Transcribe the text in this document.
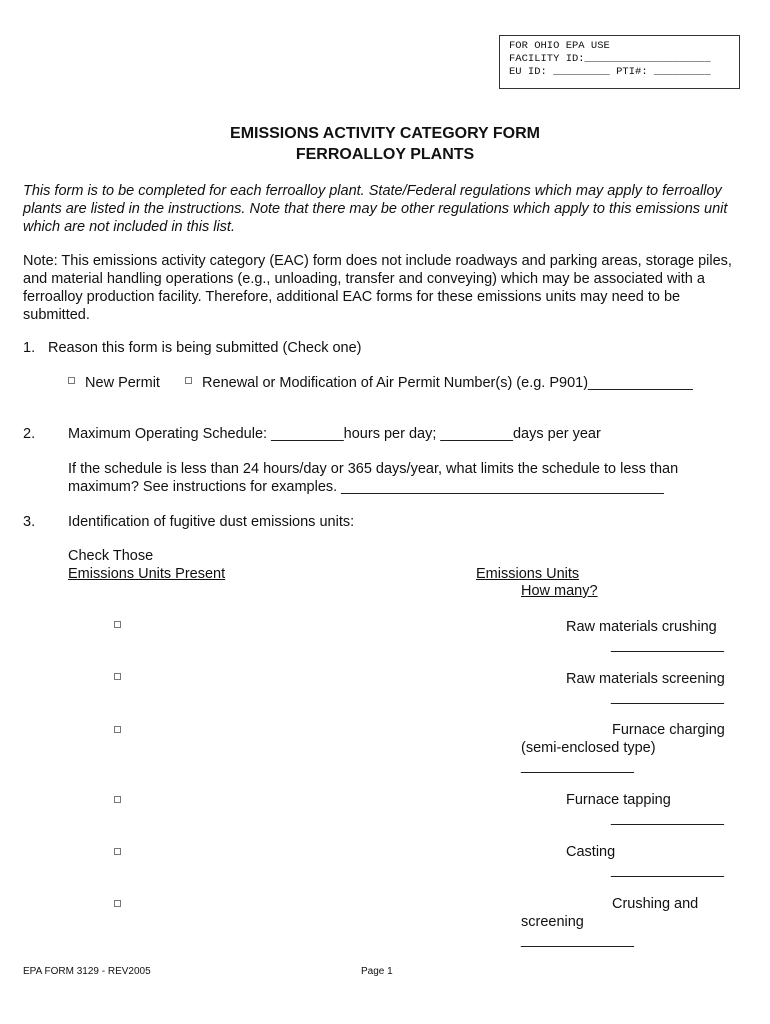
FOR OHIO EPA USE
FACILITY ID:____________________
EU ID: _________ PTI#: _________
EMISSIONS ACTIVITY CATEGORY FORM
FERROALLOY PLANTS
This form is to be completed for each ferroalloy plant. State/Federal regulations which may apply to ferroalloy plants are listed in the instructions. Note that there may be other regulations which apply to this emissions unit which are not included in this list.
Note: This emissions activity category (EAC) form does not include roadways and parking areas, storage piles, and material handling operations (e.g., unloading, transfer and conveying) which may be associated with a ferroalloy production facility. Therefore, additional EAC forms for these emissions units may need to be submitted.
1. Reason this form is being submitted (Check one)
New Permit	Renewal or Modification of Air Permit Number(s) (e.g. P901)_____________
2. Maximum Operating Schedule: _________hours per day; _________days per year
If the schedule is less than 24 hours/day or 365 days/year, what limits the schedule to less than
maximum? See instructions for examples. ________________________________________
3. Identification of fugitive dust emissions units:
Check Those
Emissions Units Present	Emissions Units
How many?
Raw materials crushing
______________
Raw materials screening
______________
Furnace charging
(semi-enclosed type)
______________
Furnace tapping
______________
Casting
______________
Crushing and
screening
______________
EPA FORM 3129 - REV2005	Page 1
